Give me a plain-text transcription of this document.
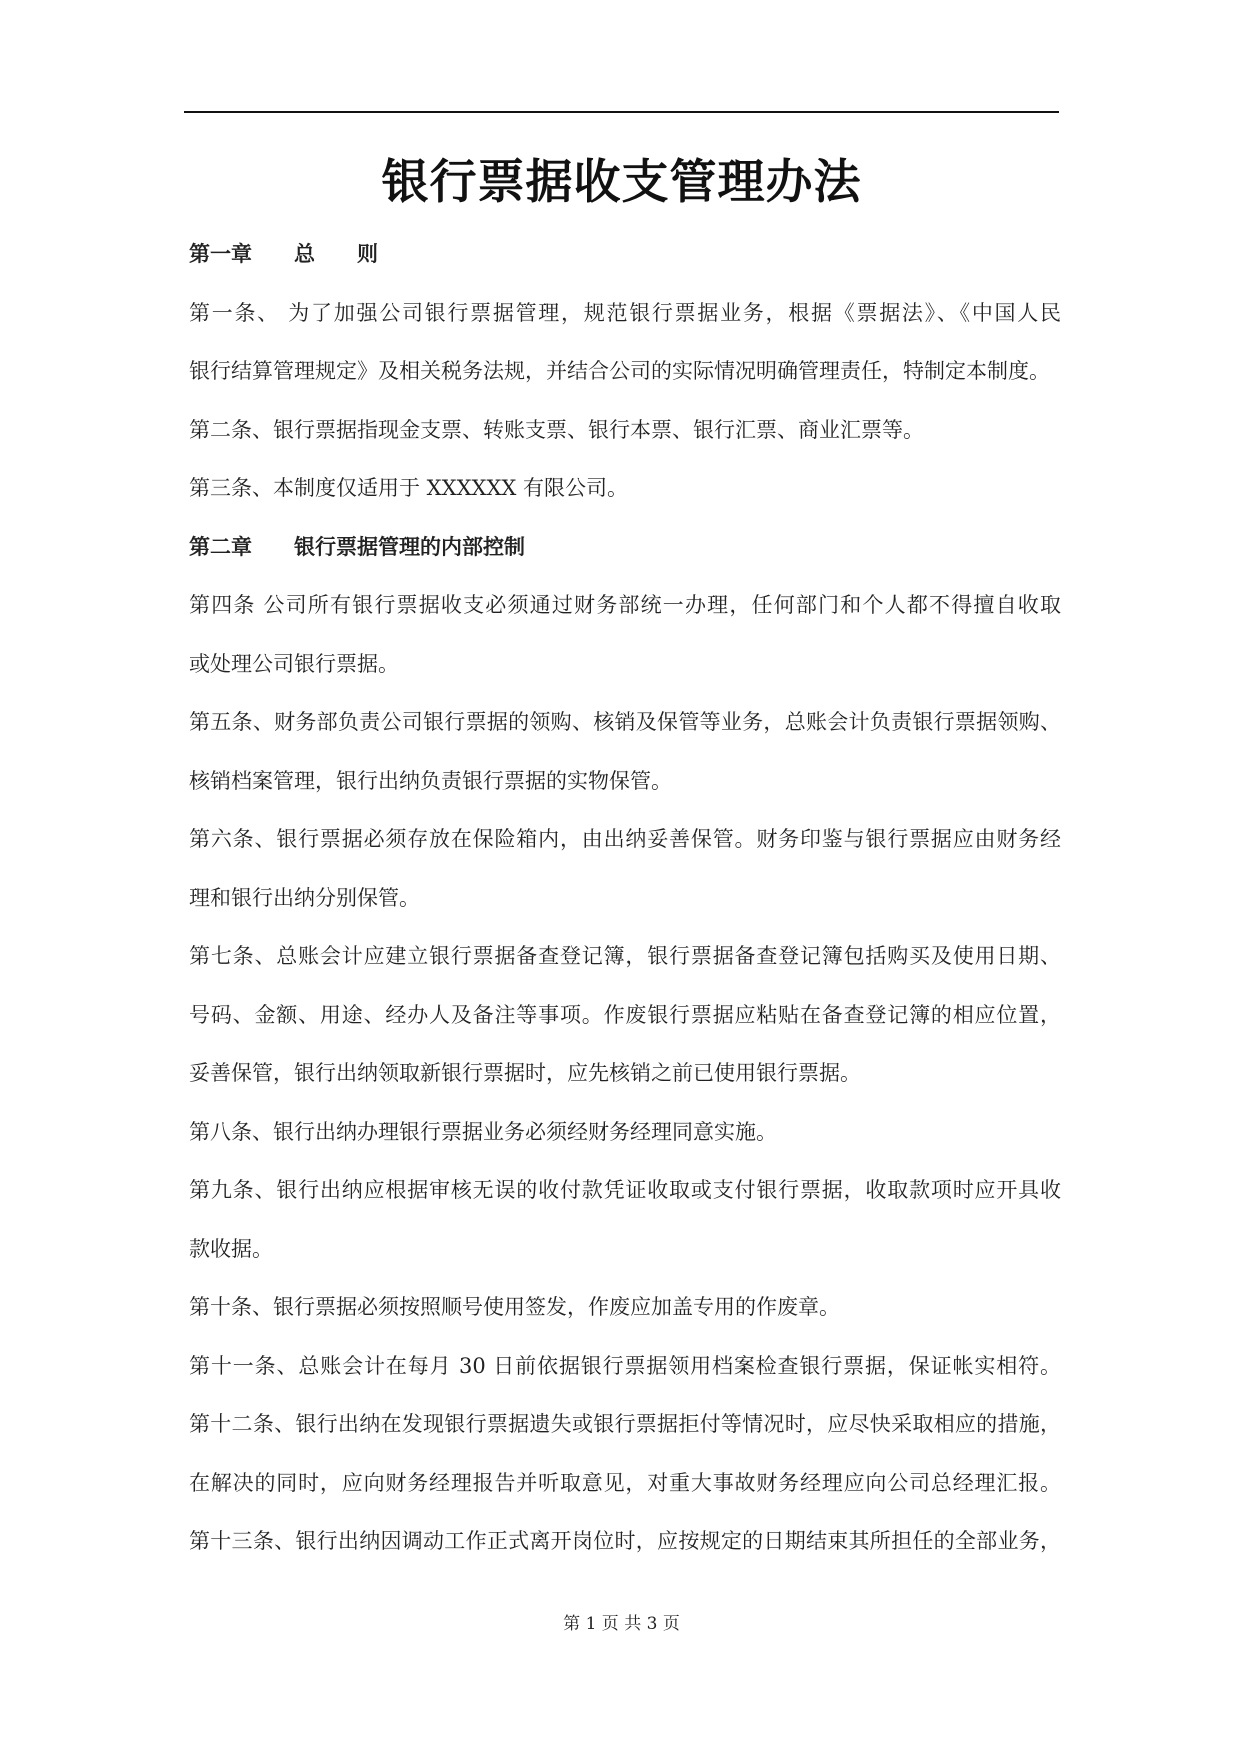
银行票据收支管理办法
第一章　　总　　则
第一条、 为了加强公司银行票据管理，规范银行票据业务，根据《票据法》、《中国人民
银行结算管理规定》及相关税务法规，并结合公司的实际情况明确管理责任，特制定本制度。
第二条、银行票据指现金支票、转账支票、银行本票、银行汇票、商业汇票等。
第三条、本制度仅适用于 XXXXXX 有限公司。
第二章　　银行票据管理的内部控制
第四条 公司所有银行票据收支必须通过财务部统一办理，任何部门和个人都不得擅自收取
或处理公司银行票据。
第五条、财务部负责公司银行票据的领购、核销及保管等业务，总账会计负责银行票据领购、
核销档案管理，银行出纳负责银行票据的实物保管。
第六条、银行票据必须存放在保险箱内，由出纳妥善保管。财务印鉴与银行票据应由财务经
理和银行出纳分别保管。
第七条、总账会计应建立银行票据备查登记簿，银行票据备查登记簿包括购买及使用日期、
号码、金额、用途、经办人及备注等事项。作废银行票据应粘贴在备查登记簿的相应位置，
妥善保管，银行出纳领取新银行票据时，应先核销之前已使用银行票据。
第八条、银行出纳办理银行票据业务必须经财务经理同意实施。
第九条、银行出纳应根据审核无误的收付款凭证收取或支付银行票据，收取款项时应开具收
款收据。
第十条、银行票据必须按照顺号使用签发，作废应加盖专用的作废章。
第十一条、总账会计在每月 30 日前依据银行票据领用档案检查银行票据，保证帐实相符。
第十二条、银行出纳在发现银行票据遗失或银行票据拒付等情况时，应尽快采取相应的措施，
在解决的同时，应向财务经理报告并听取意见，对重大事故财务经理应向公司总经理汇报。
第十三条、银行出纳因调动工作正式离开岗位时，应按规定的日期结束其所担任的全部业务，
第 1 页 共 3 页
